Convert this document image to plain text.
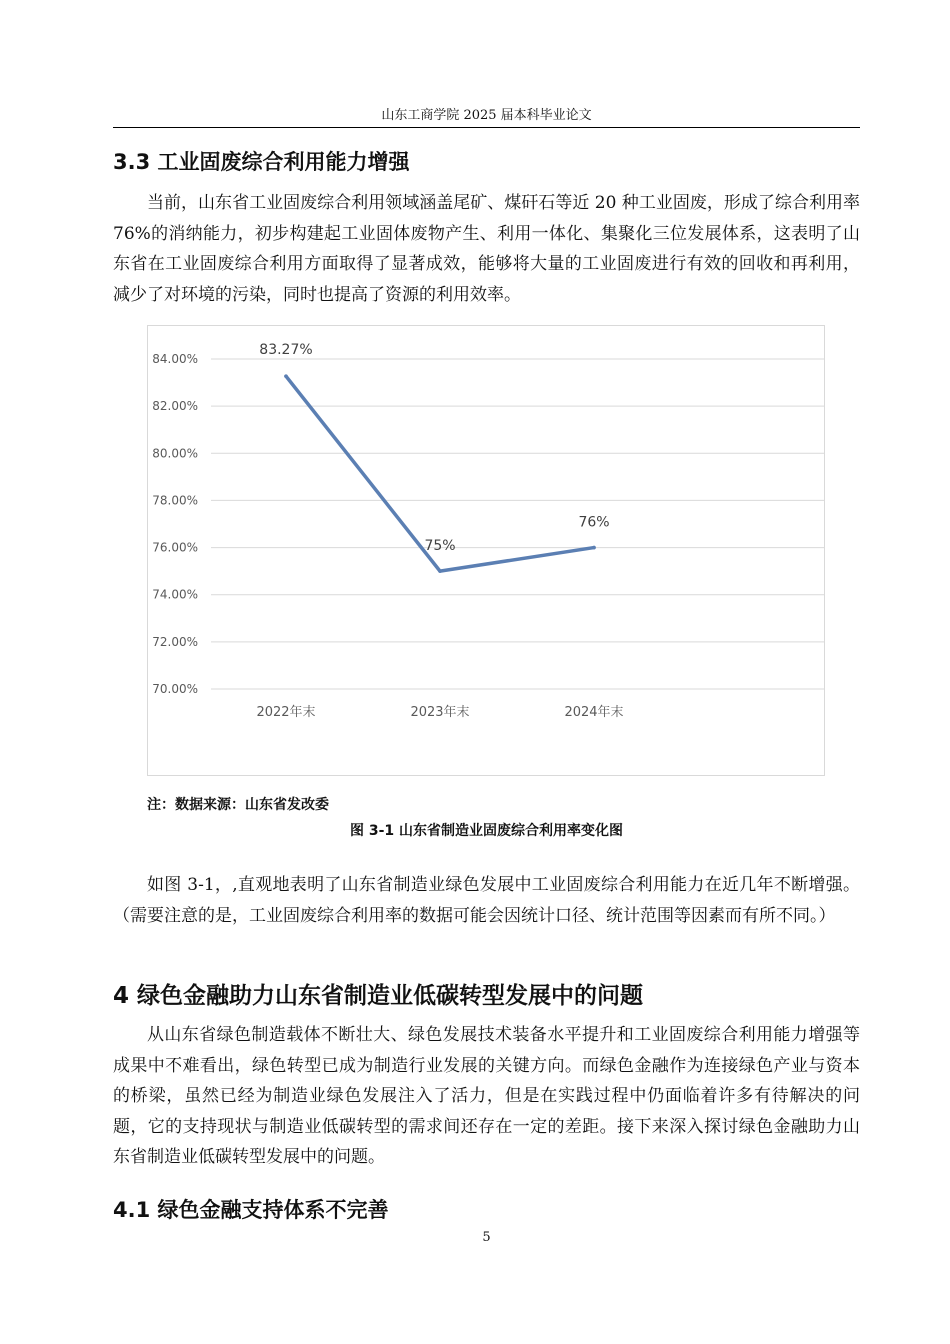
山东工商学院 2025 届本科毕业论文
3.3 工业固废综合利用能力增强

当前，山东省工业固废综合利用领域涵盖尾矿、煤矸石等近 20 种工业固废，形成了综合利用率 76%的消纳能力，初步构建起工业固体废物产生、利用一体化、集聚化三位发展体系，这表明了山东省在工业固废综合利用方面取得了显著成效，能够将大量的工业固废进行有效的回收和再利用，减少了对环境的污染，同时也提高了资源的利用效率。

70.00%
72.00%
74.00%
76.00%
78.00%
80.00%
82.00%
84.00%
2022年末	2023年末	2024年末
83.27%
75%
76%
注：数据来源：山东省发改委
图 3-1 山东省制造业固废综合利用率变化图

如图 3-1，,直观地表明了山东省制造业绿色发展中工业固废综合利用能力在近几年不断增强。（需要注意的是，工业固废综合利用率的数据可能会因统计口径、统计范围等因素而有所不同。）

4 绿色金融助力山东省制造业低碳转型发展中的问题

从山东省绿色制造载体不断壮大、绿色发展技术装备水平提升和工业固废综合利用能力增强等成果中不难看出，绿色转型已成为制造行业发展的关键方向。而绿色金融作为连接绿色产业与资本的桥梁，虽然已经为制造业绿色发展注入了活力，但是在实践过程中仍面临着许多有待解决的问题，它的支持现状与制造业低碳转型的需求间还存在一定的差距。接下来深入探讨绿色金融助力山东省制造业低碳转型发展中的问题。

4.1 绿色金融支持体系不完善
5
